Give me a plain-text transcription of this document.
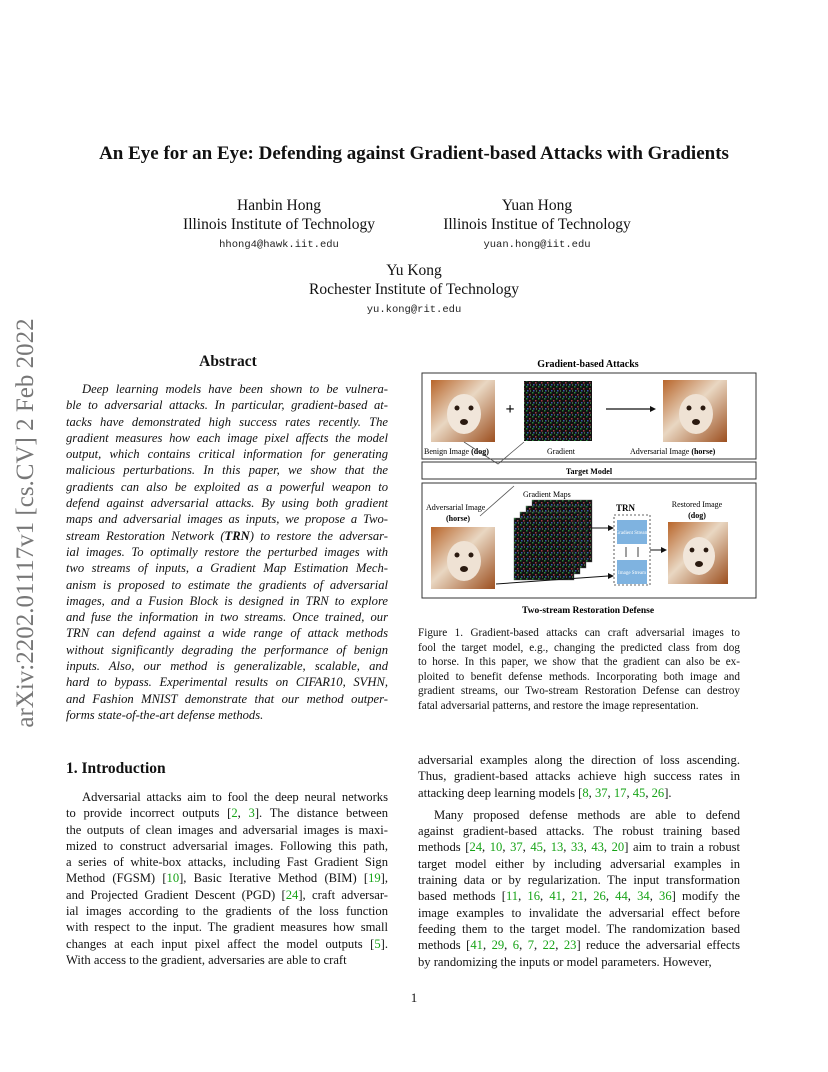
arXiv:2202.01117v1 [cs.CV] 2 Feb 2022
An Eye for an Eye: Defending against Gradient-based Attacks with Gradients
Hanbin Hong
Illinois Institute of Technology
hhong4@hawk.iit.edu
Yuan Hong
Illinois Institue of Technology
yuan.hong@iit.edu
Yu Kong
Rochester Institute of Technology
yu.kong@rit.edu
Abstract
Deep learning models have been shown to be vulnera-
ble to adversarial attacks. In particular, gradient-based at-
tacks have demonstrated high success rates recently. The
gradient measures how each image pixel affects the model
output, which contains critical information for generating
malicious perturbations. In this paper, we show that the
gradients can also be exploited as a powerful weapon to
defend against adversarial attacks. By using both gradient
maps and adversarial images as inputs, we propose a Two-
stream Restoration Network (TRN) to restore the adversar-
ial images. To optimally restore the perturbed images with
two streams of inputs, a Gradient Map Estimation Mech-
anism is proposed to estimate the gradients of adversarial
images, and a Fusion Block is designed in TRN to explore
and fuse the information in two streams. Once trained, our
TRN can defend against a wide range of attack methods
without significantly degrading the performance of benign
inputs. Also, our method is generalizable, scalable, and
hard to bypass. Experimental results on CIFAR10, SVHN,
and Fashion MNIST demonstrate that our method outper-
forms state-of-the-art defense methods.
Gradient-based Attacks
+
Benign Image (dog)	Gradient	Adversarial Image (horse)
Target Model
Adversarial Image
(horse)
Gradient Maps
TRN
Gradient Stream
Image Stream
Restored Image
(dog)
Two-stream Restoration Defense
Figure 1. Gradient-based attacks can craft adversarial images to
fool the target model, e.g., changing the predicted class from dog
to horse. In this paper, we show that the gradient can also be ex-
ploited to benefit defense methods. Incorporating both image and
gradient streams, our Two-stream Restoration Defense can destroy
fatal adversarial patterns, and restore the image representation.
1. Introduction
Adversarial attacks aim to fool the deep neural networks
to provide incorrect outputs [2, 3]. The distance between
the outputs of clean images and adversarial images is maxi-
mized to construct adversarial images. Following this path,
a series of white-box attacks, including Fast Gradient Sign
Method (FGSM) [10], Basic Iterative Method (BIM) [19],
and Projected Gradient Descent (PGD) [24], craft adversar-
ial images according to the gradients of the loss function
with respect to the input. The gradient measures how small
changes at each input pixel affect the model outputs [5].
With access to the gradient, adversaries are able to craft
adversarial examples along the direction of loss ascending.
Thus, gradient-based attacks achieve high success rates in
attacking deep learning models [8, 37, 17, 45, 26].
Many proposed defense methods are able to defend
against gradient-based attacks. The robust training based
methods [24, 10, 37, 45, 13, 33, 43, 20] aim to train a robust
target model either by including adversarial examples in
training data or by regularization. The input transformation
based methods [11, 16, 41, 21, 26, 44, 34, 36] modify the
image examples to invalidate the adversarial effect before
feeding them to the target model. The randomization based
methods [41, 29, 6, 7, 22, 23] reduce the adversarial effects
by randomizing the inputs or model parameters. However,
1
